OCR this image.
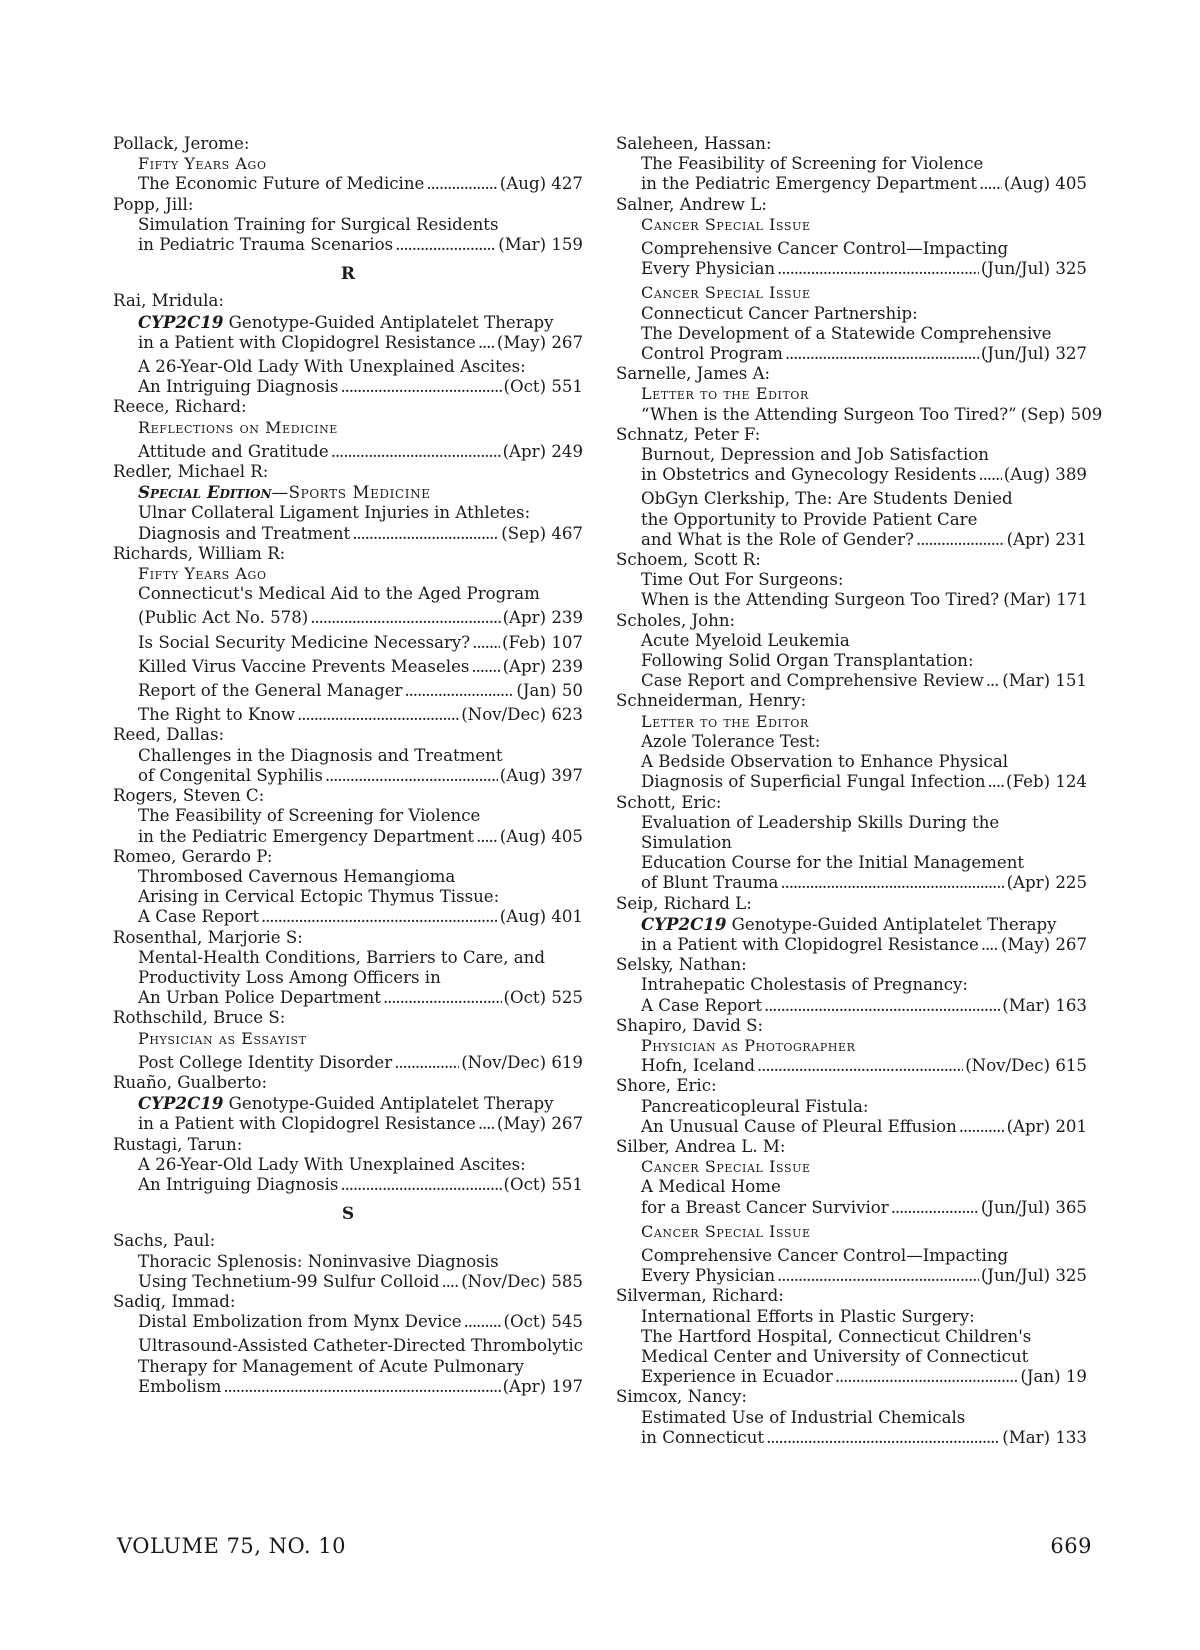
Pollack, Jerome:
Fifty Years Ago
The Economic Future of Medicine . . .	(Aug) 427
Popp, Jill:
Simulation Training for Surgical Residents
in Pediatric Trauma Scenarios . . .	(Mar) 159
R
Rai, Mridula:
CYP2C19 Genotype-Guided Antiplatelet Therapy
in a Patient with Clopidogrel Resistance . . . (May) 267
A 26-Year-Old Lady With Unexplained Ascites:
An Intriguing Diagnosis . . .	(Oct) 551
Reece, Richard:
Reflections on Medicine
Attitude and Gratitude . . .	(Apr) 249
Redler, Michael R:
Special Edition—Sports Medicine
Ulnar Collateral Ligament Injuries in Athletes:
Diagnosis and Treatment . . .	(Sep) 467
Richards, William R:
Fifty Years Ago
Connecticut's Medical Aid to the Aged Program
(Public Act No. 578) . . .	(Apr) 239
Is Social Security Medicine Necessary? . . . (Feb) 107
Killed Virus Vaccine Prevents Measeles . . . (Apr) 239
Report of the General Manager . . .	(Jan) 50
The Right to Know . . .	(Nov/Dec) 623
Reed, Dallas:
Challenges in the Diagnosis and Treatment
of Congenital Syphilis . . .	(Aug) 397
Rogers, Steven C:
The Feasibility of Screening for Violence
in the Pediatric Emergency Department . . . (Aug) 405
Romeo, Gerardo P:
Thrombosed Cavernous Hemangioma
Arising in Cervical Ectopic Thymus Tissue:
A Case Report . . .	(Aug) 401
Rosenthal, Marjorie S:
Mental-Health Conditions, Barriers to Care, and
Productivity Loss Among Officers in
An Urban Police Department . . .	(Oct) 525
Rothschild, Bruce S:
Physician as Essayist
Post College Identity Disorder . . .	(Nov/Dec) 619
Ruaño, Gualberto:
CYP2C19 Genotype-Guided Antiplatelet Therapy
in a Patient with Clopidogrel Resistance . . . (May) 267
Rustagi, Tarun:
A 26-Year-Old Lady With Unexplained Ascites:
An Intriguing Diagnosis . . .	(Oct) 551
S
Sachs, Paul:
Thoracic Splenosis: Noninvasive Diagnosis
Using Technetium-99 Sulfur Colloid . . . (Nov/Dec) 585
Sadiq, Immad:
Distal Embolization from Mynx Device . . .	(Oct) 545
Ultrasound-Assisted Catheter-Directed Thrombolytic
Therapy for Management of Acute Pulmonary
Embolism . . .	(Apr) 197
Saleheen, Hassan:
The Feasibility of Screening for Violence
in the Pediatric Emergency Department . . . (Aug) 405
Salner, Andrew L:
Cancer Special Issue
Comprehensive Cancer Control—Impacting
Every Physician . . .	(Jun/Jul) 325
Cancer Special Issue
Connecticut Cancer Partnership:
The Development of a Statewide Comprehensive
Control Program . . .	(Jun/Jul) 327
Sarnelle, James A:
Letter to the Editor
“When is the Attending Surgeon Too Tired?” (Sep) 509
Schnatz, Peter F:
Burnout, Depression and Job Satisfaction
in Obstetrics and Gynecology Residents . . . (Aug) 389
ObGyn Clerkship, The: Are Students Denied
the Opportunity to Provide Patient Care
and What is the Role of Gender? . . .	(Apr) 231
Schoem, Scott R:
Time Out For Surgeons:
When is the Attending Surgeon Too Tired? (Mar) 171
Scholes, John:
Acute Myeloid Leukemia
Following Solid Organ Transplantation:
Case Report and Comprehensive Review . . . (Mar) 151
Schneiderman, Henry:
Letter to the Editor
Azole Tolerance Test:
A Bedside Observation to Enhance Physical
Diagnosis of Superficial Fungal Infection . . . (Feb) 124
Schott, Eric:
Evaluation of Leadership Skills During the Simulation
Education Course for the Initial Management
of Blunt Trauma . . .	(Apr) 225
Seip, Richard L:
CYP2C19 Genotype-Guided Antiplatelet Therapy
in a Patient with Clopidogrel Resistance . . . (May) 267
Selsky, Nathan:
Intrahepatic Cholestasis of Pregnancy:
A Case Report . . .	(Mar) 163
Shapiro, David S:
Physician as Photographer
Hofn, Iceland . . .	(Nov/Dec) 615
Shore, Eric:
Pancreaticopleural Fistula:
An Unusual Cause of Pleural Effusion . . .	(Apr) 201
Silber, Andrea L. M:
Cancer Special Issue
A Medical Home
for a Breast Cancer Survivior . . .	(Jun/Jul) 365
Cancer Special Issue
Comprehensive Cancer Control—Impacting
Every Physician . . .	(Jun/Jul) 325
Silverman, Richard:
International Efforts in Plastic Surgery:
The Hartford Hospital, Connecticut Children's
Medical Center and University of Connecticut
Experience in Ecuador . . .	(Jan) 19
Simcox, Nancy:
Estimated Use of Industrial Chemicals
in Connecticut . . .	(Mar) 133
VOLUME 75, NO. 10	669
